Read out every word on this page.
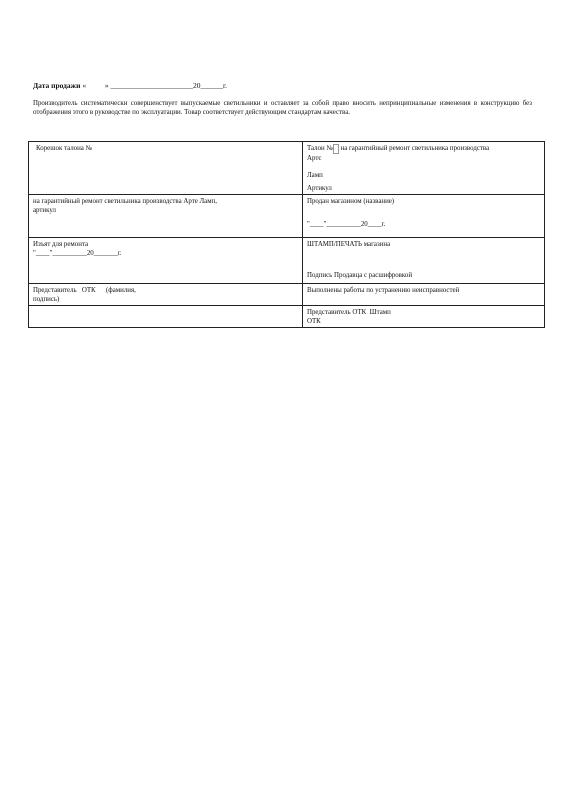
Дата продажи «          » ______________________20______г.
Производитель систематически совершенствует выпускаемые светильники и оставляет за собой право вносить непринципиальные изменения в конструкцию без отображения этого в руководстве по эксплуатации. Товар соответствует действующим стандартам качества.
Корешок талона №	Талон № на гарантийный ремонт светильника производства
Артє
Ламп
Артикул

на гарантийный ремонт светильника производства Арте Ламп,
артикул	Продан магазином (название)
"____"__________20____г.

Изъят для ремонта
"____"__________20_______г.	ШТАМП/ПЕЧАТЬ магазина
Подпись Продавца с расшифровкой

Представитель   ОТК      (фамилия,
подпись)	Выполнены работы по устранению неисправностей

	Представитель ОТК  Штамп
ОТК
